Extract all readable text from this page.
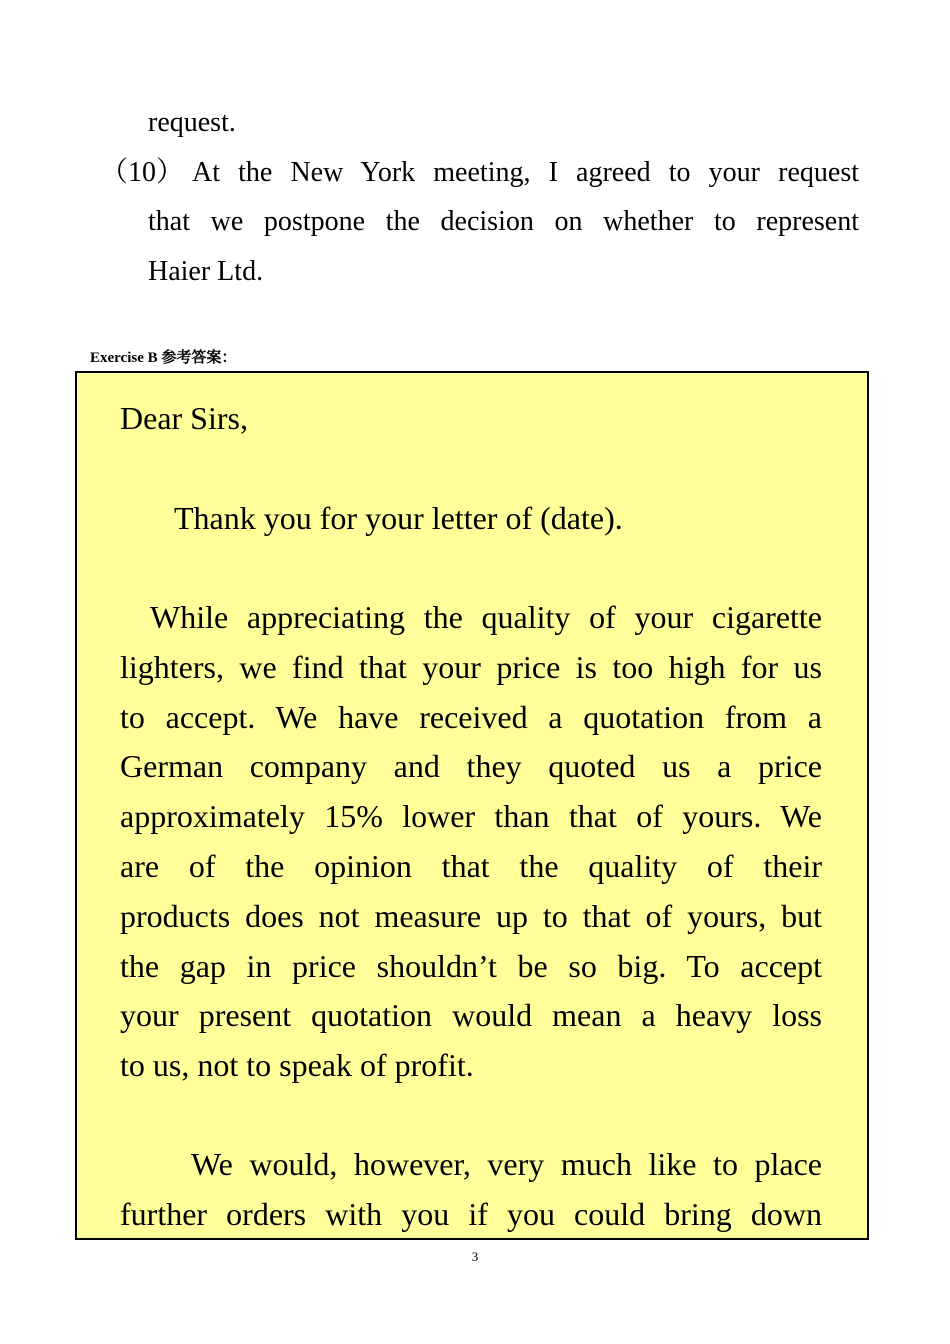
request.
（10） At the New York meeting, I agreed to your request
that we postpone the decision on whether to represent
Haier Ltd.
Exercise B 参考答案：
Dear Sirs,
Thank you for your letter of (date).
While appreciating the quality of your cigarette
lighters, we find that your price is too high for us
to accept. We have received a quotation from a
German company and they quoted us a price
approximately 15% lower than that of yours. We
are of the opinion that the quality of their
products does not measure up to that of yours, but
the gap in price shouldn’t be so big. To accept
your present quotation would mean a heavy loss
to us, not to speak of profit.
We would, however, very much like to place
further orders with you if you could bring down
3
